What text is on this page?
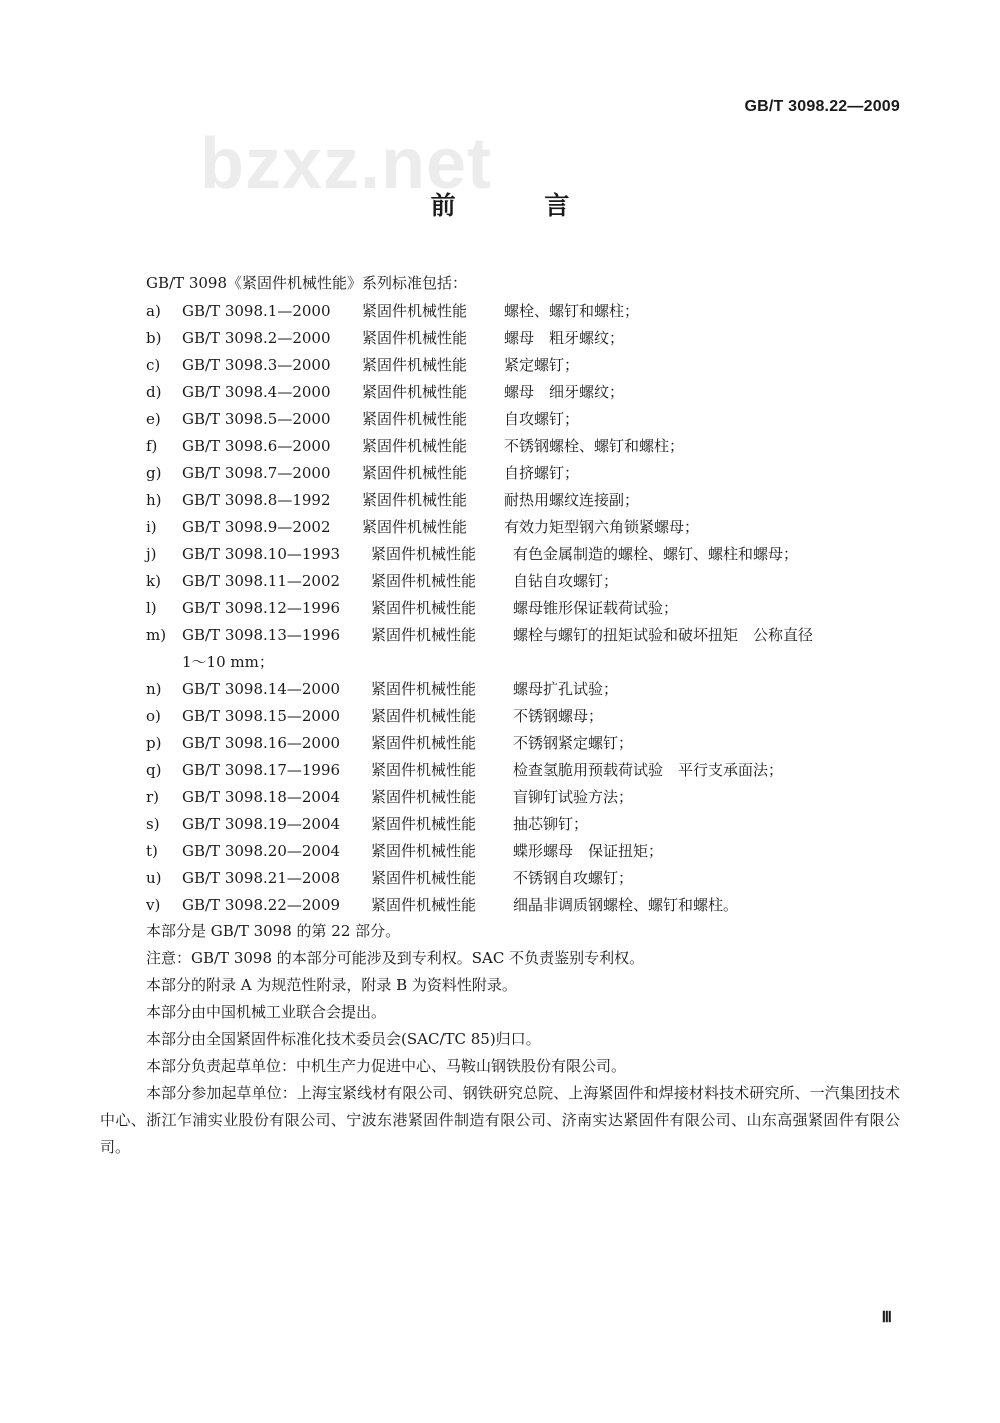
GB/T 3098.22—2009
bzxz.net
前 言
GB/T 3098《紧固件机械性能》系列标准包括：
a) GB/T 3098.1—2000 紧固件机械性能 螺栓、螺钉和螺柱；
b) GB/T 3098.2—2000 紧固件机械性能 螺母　粗牙螺纹；
c) GB/T 3098.3—2000 紧固件机械性能 紧定螺钉；
d) GB/T 3098.4—2000 紧固件机械性能 螺母　细牙螺纹；
e) GB/T 3098.5—2000 紧固件机械性能 自攻螺钉；
f) GB/T 3098.6—2000 紧固件机械性能 不锈钢螺栓、螺钉和螺柱；
g) GB/T 3098.7—2000 紧固件机械性能 自挤螺钉；
h) GB/T 3098.8—1992 紧固件机械性能 耐热用螺纹连接副；
i) GB/T 3098.9—2002 紧固件机械性能 有效力矩型钢六角锁紧螺母；
j) GB/T 3098.10—1993 紧固件机械性能 有色金属制造的螺栓、螺钉、螺柱和螺母；
k) GB/T 3098.11—2002 紧固件机械性能 自钻自攻螺钉；
l) GB/T 3098.12—1996 紧固件机械性能 螺母锥形保证载荷试验；
m) GB/T 3098.13—1996 紧固件机械性能 螺栓与螺钉的扭矩试验和破坏扭矩　公称直径
1～10 mm；
n) GB/T 3098.14—2000 紧固件机械性能 螺母扩孔试验；
o) GB/T 3098.15—2000 紧固件机械性能 不锈钢螺母；
p) GB/T 3098.16—2000 紧固件机械性能 不锈钢紧定螺钉；
q) GB/T 3098.17—1996 紧固件机械性能 检查氢脆用预载荷试验　平行支承面法；
r) GB/T 3098.18—2004 紧固件机械性能 盲铆钉试验方法；
s) GB/T 3098.19—2004 紧固件机械性能 抽芯铆钉；
t) GB/T 3098.20—2004 紧固件机械性能 蝶形螺母　保证扭矩；
u) GB/T 3098.21—2008 紧固件机械性能 不锈钢自攻螺钉；
v) GB/T 3098.22—2009 紧固件机械性能 细晶非调质钢螺栓、螺钉和螺柱。

本部分是 GB/T 3098 的第 22 部分。

注意：GB/T 3098 的本部分可能涉及到专利权。SAC 不负责鉴别专利权。

本部分的附录 A 为规范性附录，附录 B 为资料性附录。

本部分由中国机械工业联合会提出。

本部分由全国紧固件标准化技术委员会(SAC/TC 85)归口。

本部分负责起草单位：中机生产力促进中心、马鞍山钢铁股份有限公司。

本部分参加起草单位：上海宝紧线材有限公司、钢铁研究总院、上海紧固件和焊接材料技术研究所、一汽集团技术中心、浙江乍浦实业股份有限公司、宁波东港紧固件制造有限公司、济南实达紧固件有限公司、山东高强紧固件有限公司。

Ⅲ
